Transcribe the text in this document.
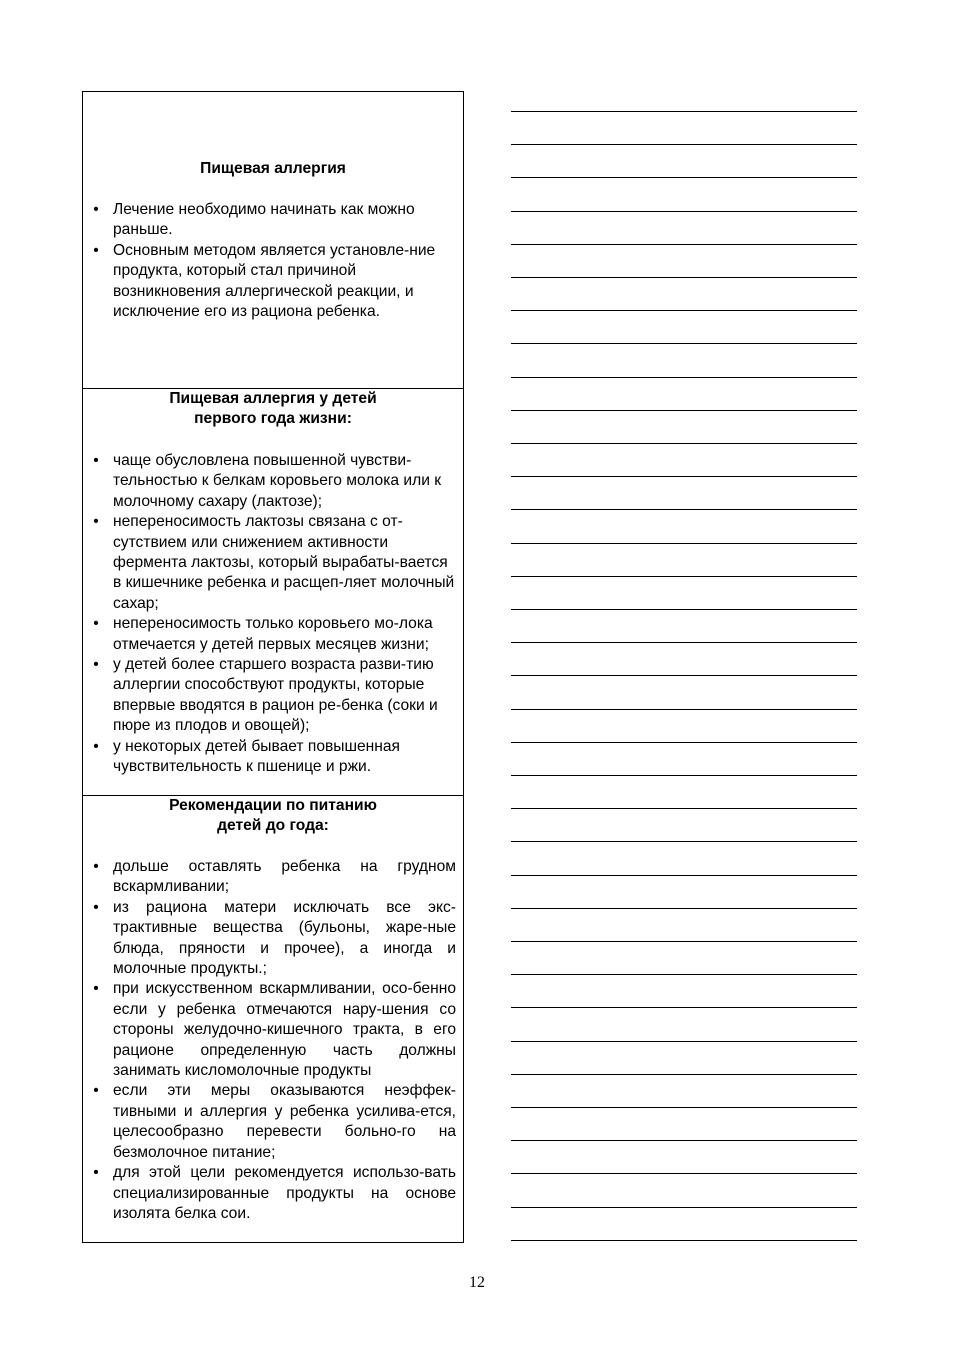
Пищевая аллергия
• Лечение необходимо начинать как можно раньше.
• Основным методом является установле-ние продукта, который стал причиной возникновения аллергической реакции, и исключение его из рациона ребенка.
Пищевая аллергия у детей
первого года жизни:
• чаще обусловлена повышенной чувстви-тельностью к белкам коровьего молока или к молочному сахару (лактозе);
• непереносимость лактозы связана с от-сутствием или снижением активности фермента лактозы, который вырабаты-вается в кишечнике ребенка и расщеп-ляет молочный сахар;
• непереносимость только коровьего мо-лока отмечается у детей первых месяцев жизни;
• у детей более старшего возраста разви-тию аллергии способствуют продукты, которые впервые вводятся в рацион ре-бенка (соки и пюре из плодов и овощей);
• у некоторых детей бывает повышенная чувствительность к пшенице и ржи.
Рекомендации по питанию
детей до года:
• дольше оставлять ребенка на грудном вскармливании;
• из рациона матери исключать все экс-трактивные вещества (бульоны, жаре-ные блюда, пряности и прочее), а иногда и молочные продукты.;
• при искусственном вскармливании, осо-бенно если у ребенка отмечаются нару-шения со стороны желудочно-кишечного тракта, в его рационе определенную часть должны занимать кисломолочные продукты
• если эти меры оказываются неэффек-тивными и аллергия у ребенка усилива-ется, целесообразно перевести больно-го на безмолочное питание;
• для этой цели рекомендуется использо-вать специализированные продукты на основе изолята белка сои.
12
